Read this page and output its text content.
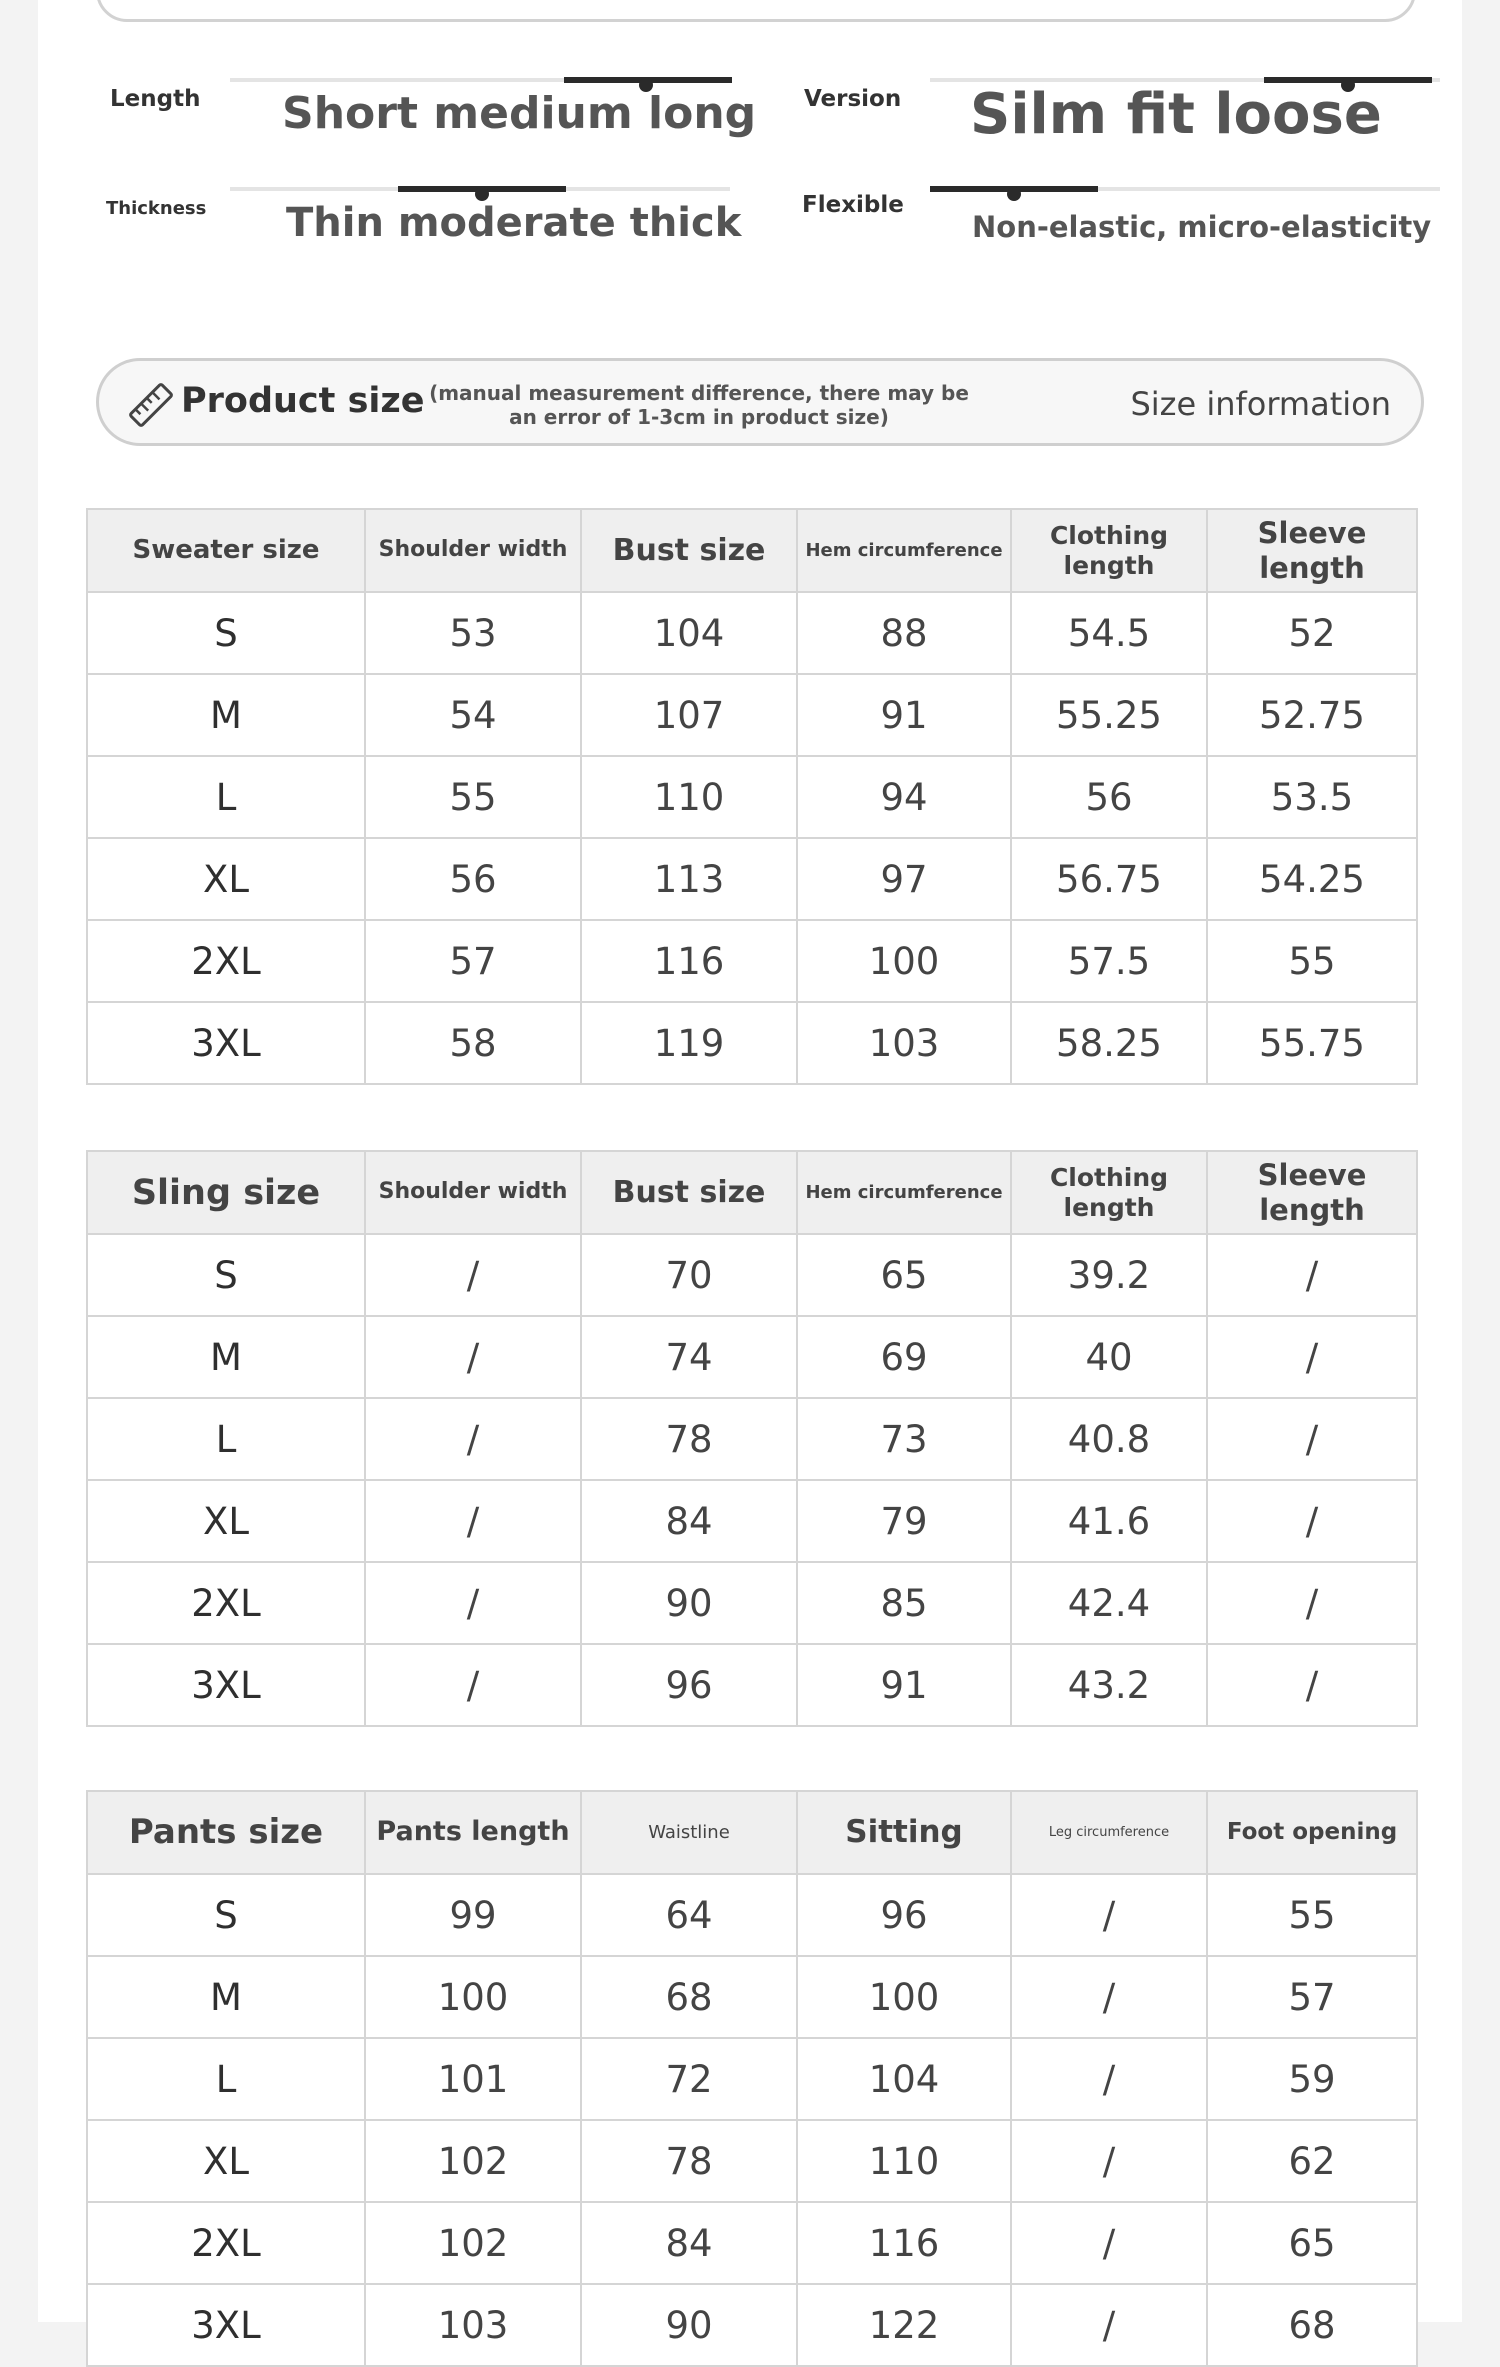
Length Short medium long Version Silm fit loose
Thickness Thin moderate thick	Flexible
Non-elastic, micro-elasticity
Product size (manual measurement difference, there may be an error of 1-3cm in product size)	Size information
Sweater size	Shoulder width	Bust size	Hem circumference	Clothing length	Sleeve length
S	53	104	88	54.5	52
M	54	107	91	55.25	52.75
L	55	110	94	56	53.5
XL	56	113	97	56.75	54.25
2XL	57	116	100	57.5	55
3XL	58	119	103	58.25	55.75
Sling size	Shoulder width	Bust size	Hem circumference	Clothing length	Sleeve length
S	/	70	65	39.2	/
M	/	74	69	40	/
L	/	78	73	40.8	/
XL	/	84	79	41.6	/
2XL	/	90	85	42.4	/
3XL	/	96	91	43.2	/
Pants size	Pants length	Waistline	Sitting	Leg circumference	Foot opening
S	99	64	96	/	55
M	100	68	100	/	57
L	101	72	104	/	59
XL	102	78	110	/	62
2XL	102	84	116	/	65
3XL	103	90	122	/	68
